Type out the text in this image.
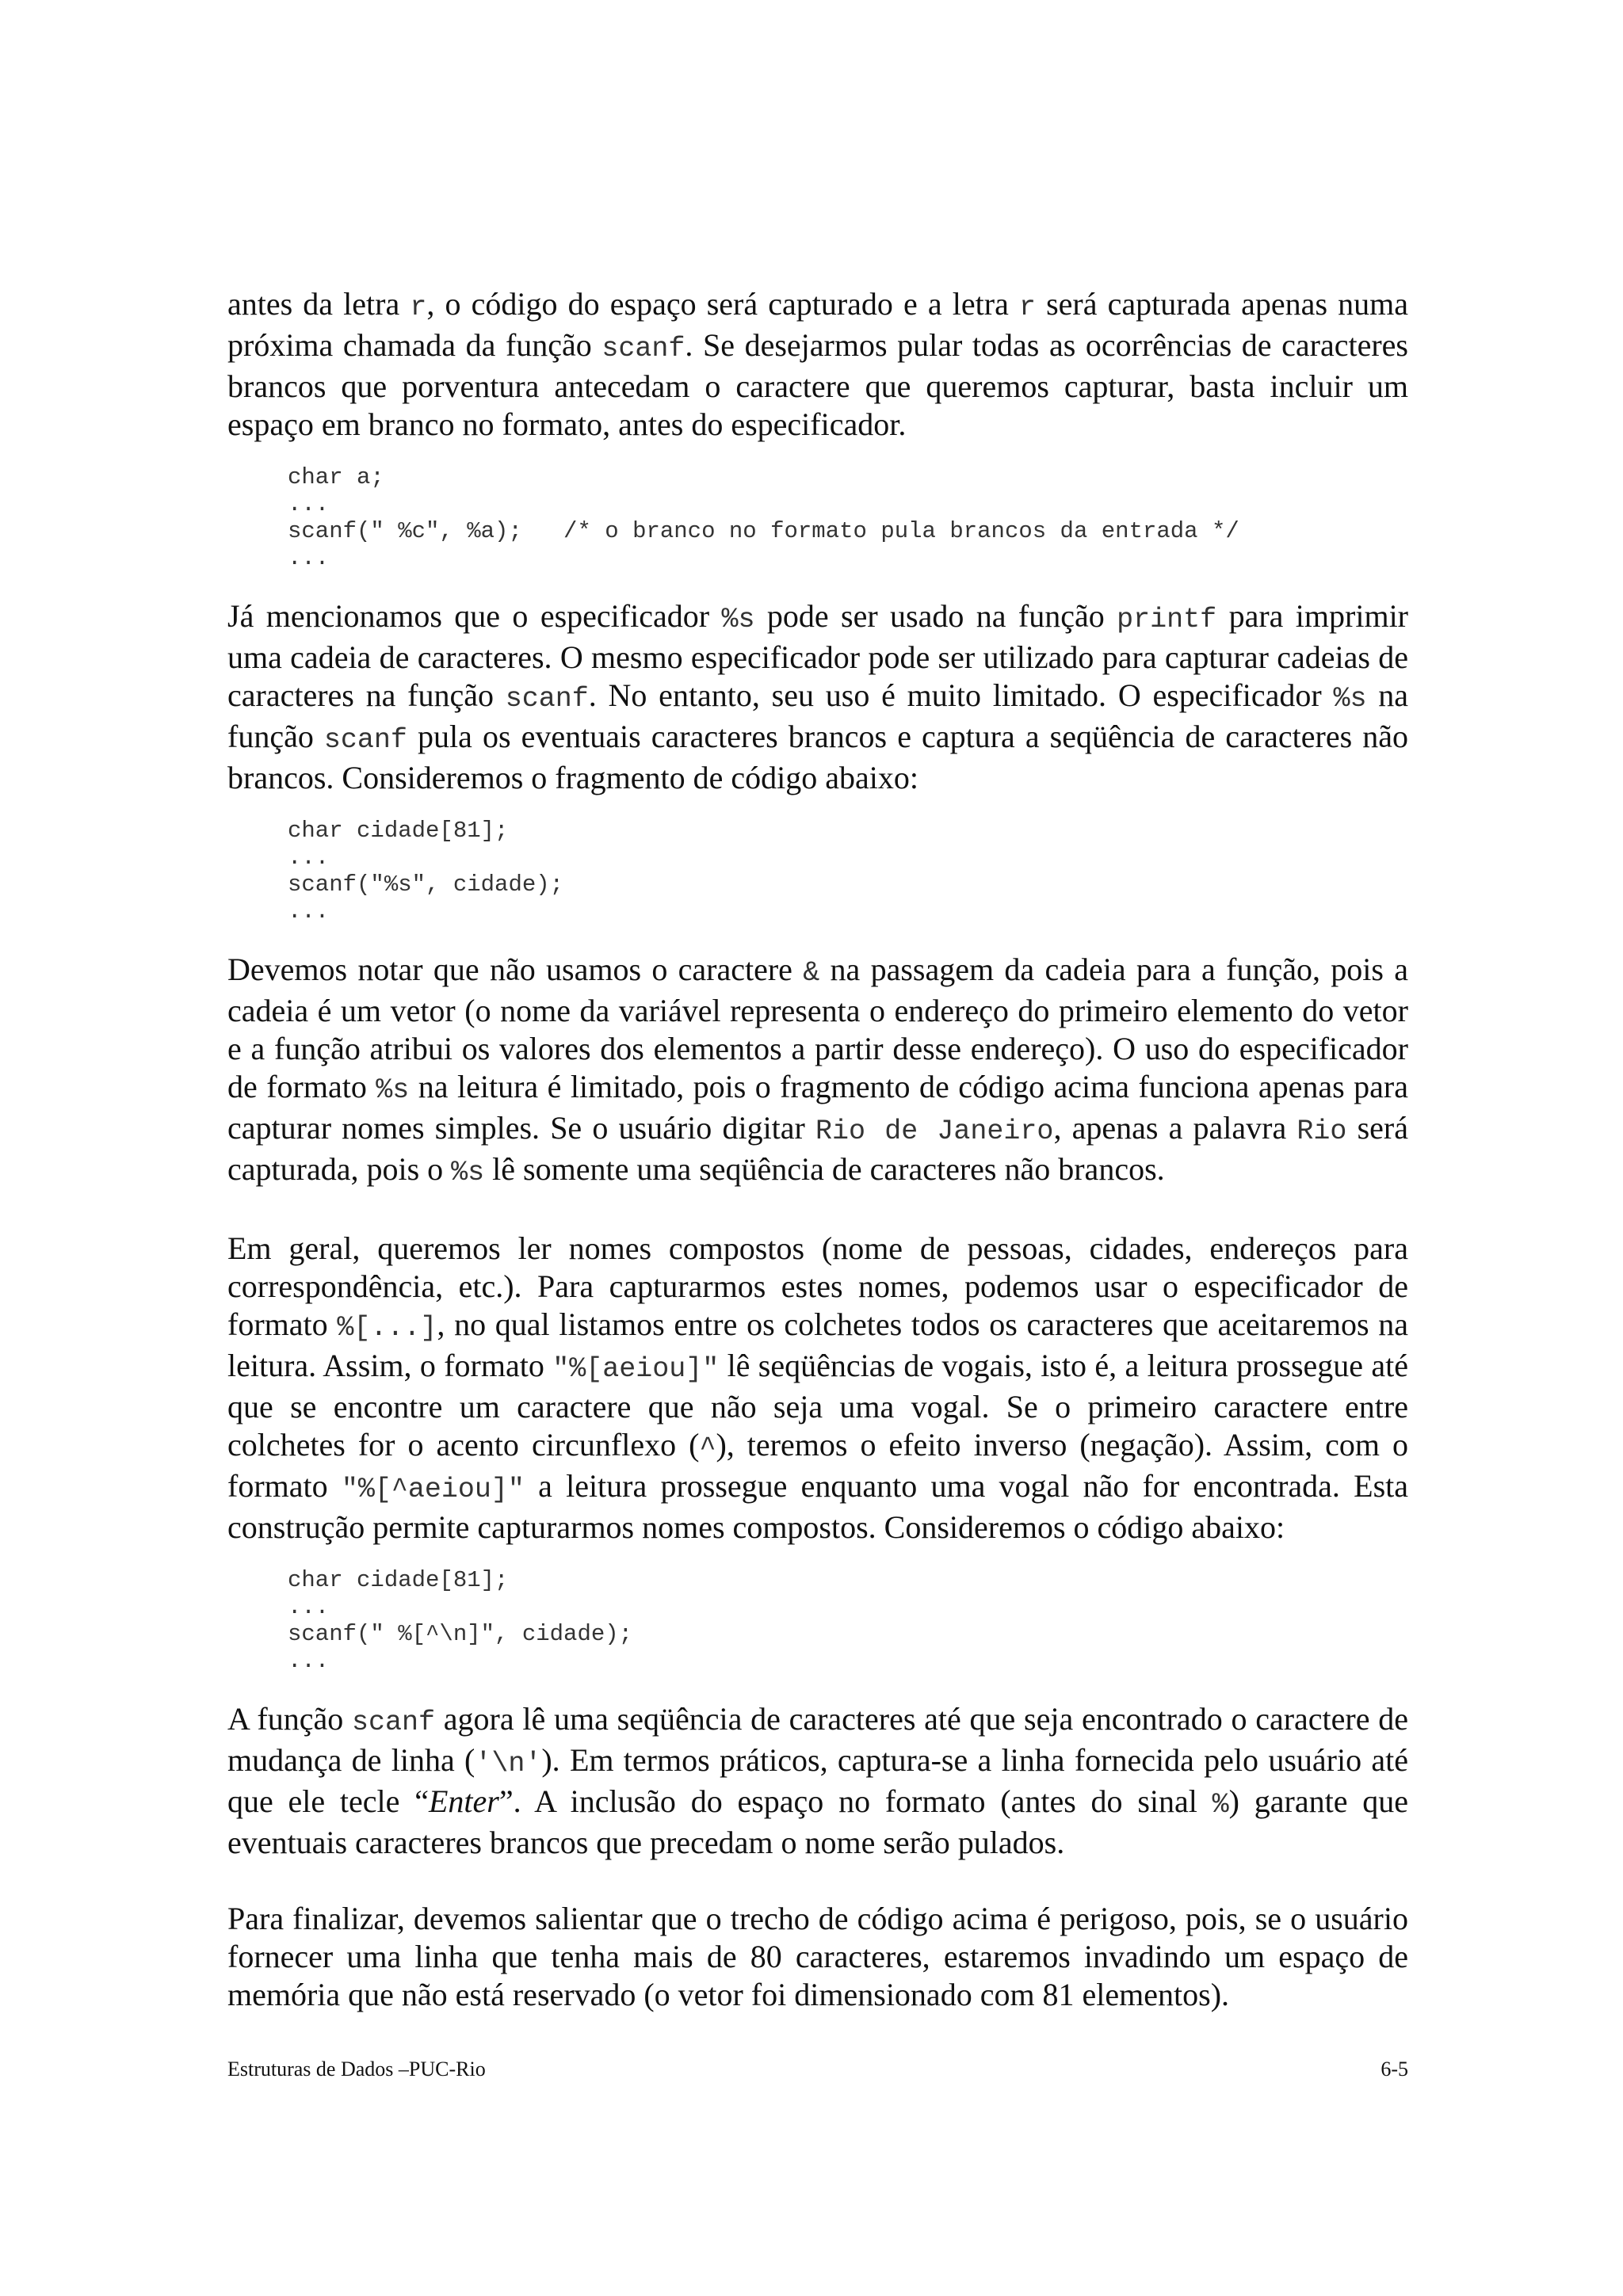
antes da letra r, o código do espaço será capturado e a letra r será capturada apenas numa próxima chamada da função scanf. Se desejarmos pular todas as ocorrências de caracteres brancos que porventura antecedam o caractere que queremos capturar, basta incluir um espaço em branco no formato, antes do especificador.

char a;
...
scanf(" %c", %a);   /* o branco no formato pula brancos da entrada */
...

Já mencionamos que o especificador %s pode ser usado na função printf para imprimir uma cadeia de caracteres. O mesmo especificador pode ser utilizado para capturar cadeias de caracteres na função scanf. No entanto, seu uso é muito limitado. O especificador %s na função scanf pula os eventuais caracteres brancos e captura a seqüência de caracteres não brancos. Consideremos o fragmento de código abaixo:

char cidade[81];
...
scanf("%s", cidade);
...

Devemos notar que não usamos o caractere & na passagem da cadeia para a função, pois a cadeia é um vetor (o nome da variável representa o endereço do primeiro elemento do vetor e a função atribui os valores dos elementos a partir desse endereço). O uso do especificador de formato %s na leitura é limitado, pois o fragmento de código acima funciona apenas para capturar nomes simples. Se o usuário digitar Rio de Janeiro, apenas a palavra Rio será capturada, pois o %s lê somente uma seqüência de caracteres não brancos.

Em geral, queremos ler nomes compostos (nome de pessoas, cidades, endereços para correspondência, etc.). Para capturarmos estes nomes, podemos usar o especificador de formato %[...], no qual listamos entre os colchetes todos os caracteres que aceitaremos na leitura. Assim, o formato "%[aeiou]" lê seqüências de vogais, isto é, a leitura prossegue até que se encontre um caractere que não seja uma vogal. Se o primeiro caractere entre colchetes for o acento circunflexo (^), teremos o efeito inverso (negação). Assim, com o formato "%[^aeiou]" a leitura prossegue enquanto uma vogal não for encontrada. Esta construção permite capturarmos nomes compostos. Consideremos o código abaixo:

char cidade[81];
...
scanf(" %[^\n]", cidade);
...

A função scanf agora lê uma seqüência de caracteres até que seja encontrado o caractere de mudança de linha ('\n'). Em termos práticos, captura-se a linha fornecida pelo usuário até que ele tecle “Enter”. A inclusão do espaço no formato (antes do sinal %) garante que eventuais caracteres brancos que precedam o nome serão pulados.

Para finalizar, devemos salientar que o trecho de código acima é perigoso, pois, se o usuário fornecer uma linha que tenha mais de 80 caracteres, estaremos invadindo um espaço de memória que não está reservado (o vetor foi dimensionado com 81 elementos).

Estruturas de Dados –PUC-Rio	6-5
